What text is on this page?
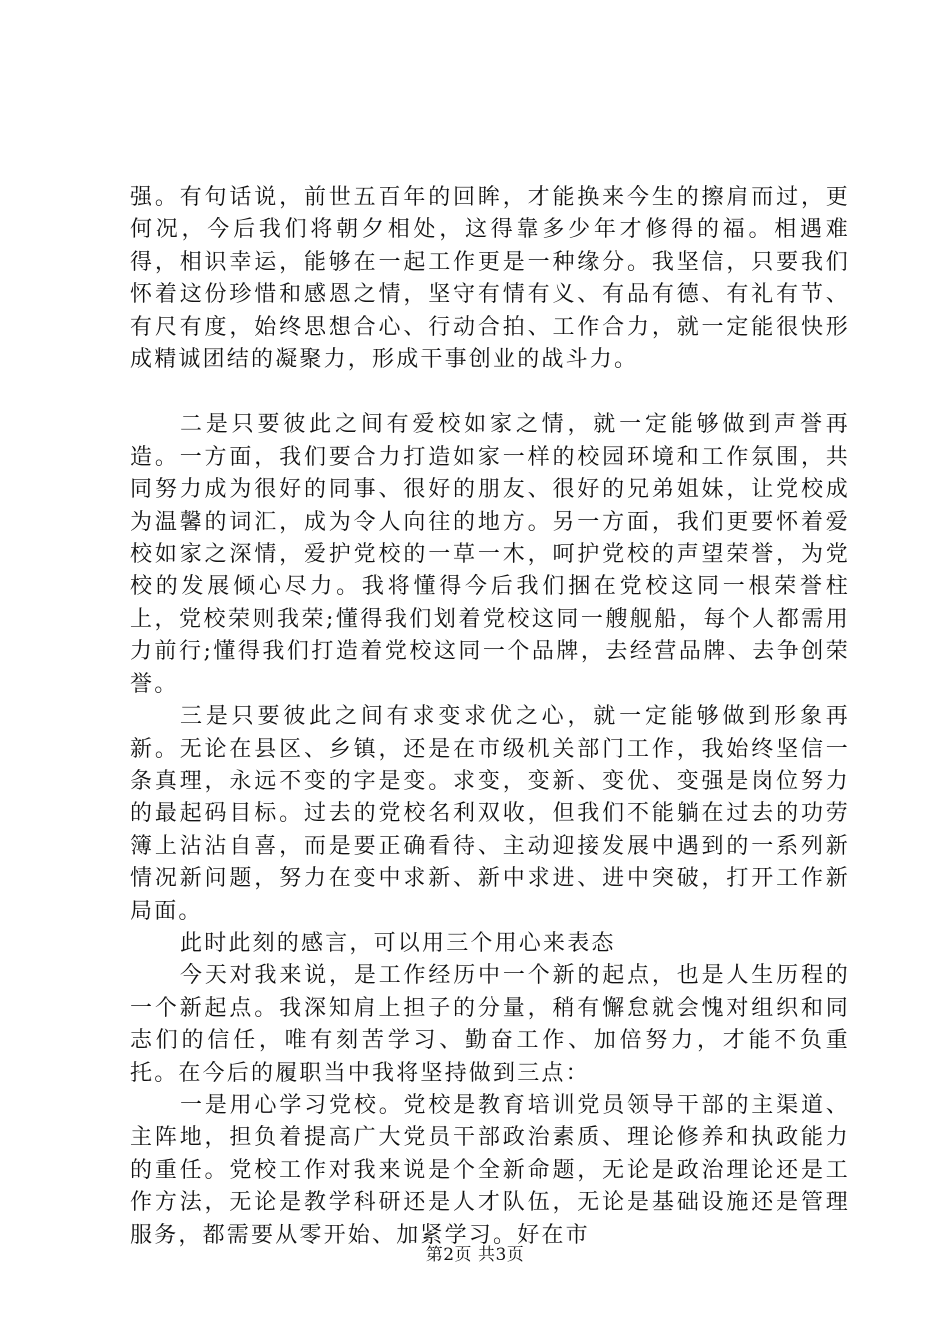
强。有句话说，前世五百年的回眸，才能换来今生的擦肩而过，更何况，今后我们将朝夕相处，这得靠多少年才修得的福。相遇难得，相识幸运，能够在一起工作更是一种缘分。我坚信，只要我们怀着这份珍惜和感恩之情，坚守有情有义、有品有德、有礼有节、有尺有度，始终思想合心、行动合拍、工作合力，就一定能很快形成精诚团结的凝聚力，形成干事创业的战斗力。

二是只要彼此之间有爱校如家之情，就一定能够做到声誉再造。一方面，我们要合力打造如家一样的校园环境和工作氛围，共同努力成为很好的同事、很好的朋友、很好的兄弟姐妹，让党校成为温馨的词汇，成为令人向往的地方。另一方面，我们更要怀着爱校如家之深情，爱护党校的一草一木，呵护党校的声望荣誉，为党校的发展倾心尽力。我将懂得今后我们捆在党校这同一根荣誉柱上，党校荣则我荣;懂得我们划着党校这同一艘舰船，每个人都需用力前行;懂得我们打造着党校这同一个品牌，去经营品牌、去争创荣誉。

三是只要彼此之间有求变求优之心，就一定能够做到形象再新。无论在县区、乡镇，还是在市级机关部门工作，我始终坚信一条真理，永远不变的字是变。求变，变新、变优、变强是岗位努力的最起码目标。过去的党校名利双收，但我们不能躺在过去的功劳簿上沾沾自喜，而是要正确看待、主动迎接发展中遇到的一系列新情况新问题，努力在变中求新、新中求进、进中突破，打开工作新局面。

此时此刻的感言，可以用三个用心来表态

今天对我来说，是工作经历中一个新的起点，也是人生历程的一个新起点。我深知肩上担子的分量，稍有懈怠就会愧对组织和同志们的信任，唯有刻苦学习、勤奋工作、加倍努力，才能不负重托。在今后的履职当中我将坚持做到三点：

一是用心学习党校。党校是教育培训党员领导干部的主渠道、主阵地，担负着提高广大党员干部政治素质、理论修养和执政能力的重任。党校工作对我来说是个全新命题，无论是政治理论还是工作方法，无论是教学科研还是人才队伍，无论是基础设施还是管理服务，都需要从零开始、加紧学习。好在市

第2页 共3页
